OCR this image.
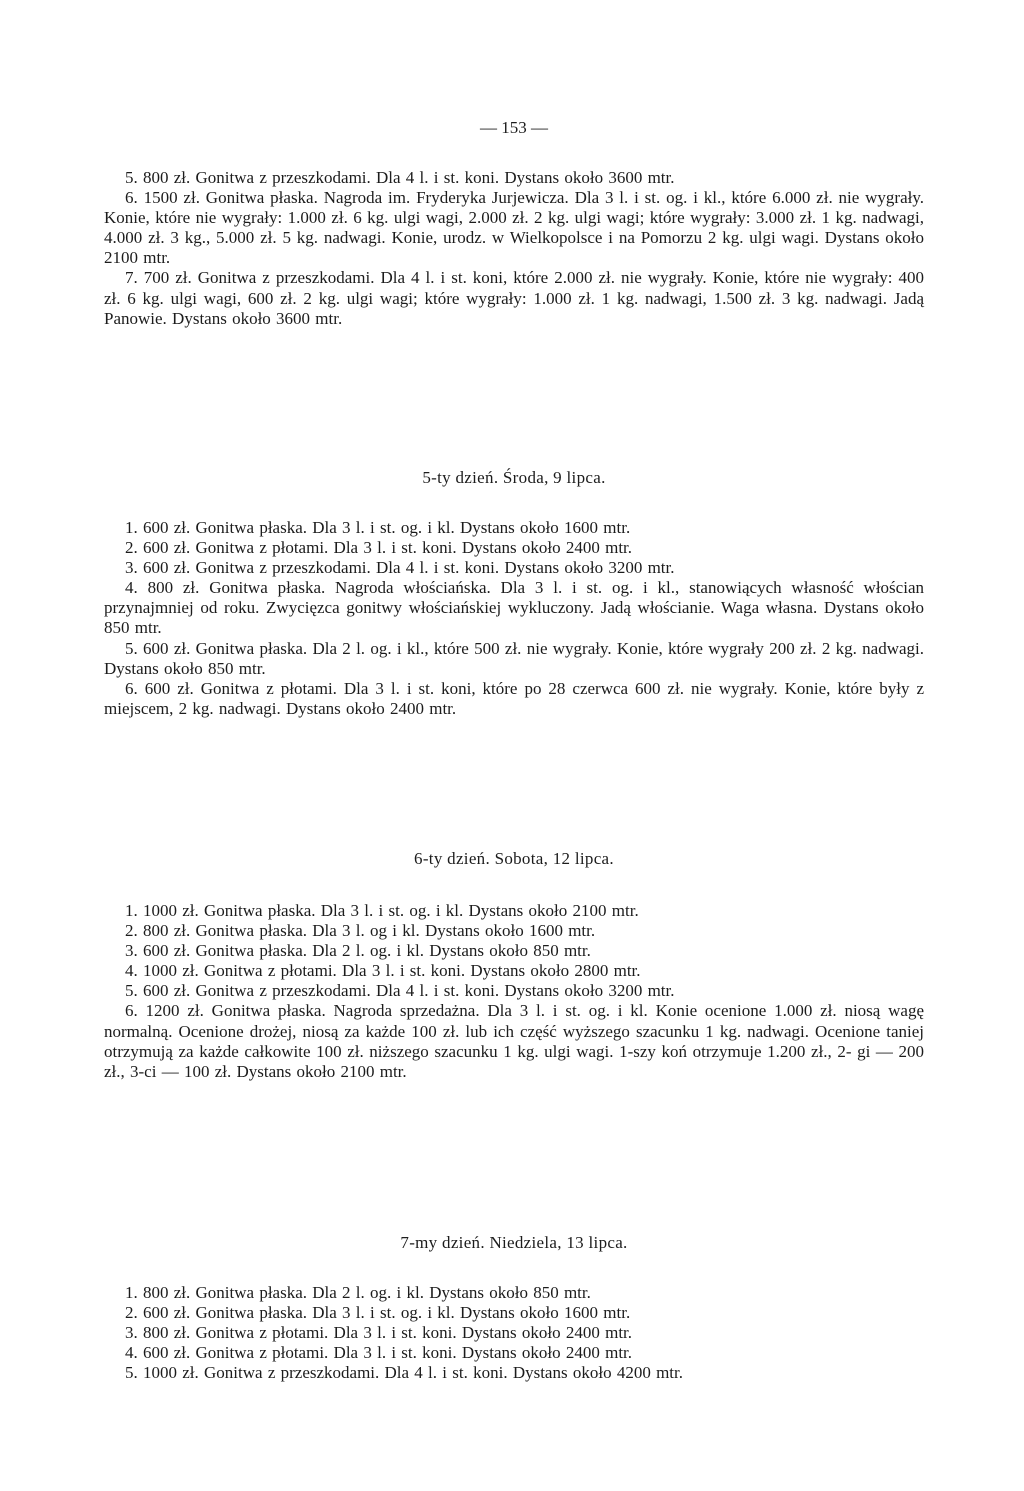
— 153 —

5. 800 zł. Gonitwa z przeszkodami. Dla 4 l. i st. koni. Dystans około 3600 mtr.

6. 1500 zł. Gonitwa płaska. Nagroda im. Fryderyka Jurjewicza. Dla 3 l. i st. og. i kl., które 6.000 zł. nie wygrały. Konie, które nie wygrały: 1.000 zł. 6 kg. ulgi wagi, 2.000 zł. 2 kg. ulgi wagi; które wygrały: 3.000 zł. 1 kg. nadwagi, 4.000 zł. 3 kg., 5.000 zł. 5 kg. nadwagi. Konie, urodz. w Wielkopolsce i na Pomorzu 2 kg. ulgi wagi. Dystans około 2100 mtr.

7. 700 zł. Gonitwa z przeszkodami. Dla 4 l. i st. koni, które 2.000 zł. nie wygrały. Konie, które nie wygrały: 400 zł. 6 kg. ulgi wagi, 600 zł. 2 kg. ulgi wagi; które wygrały: 1.000 zł. 1 kg. nadwagi, 1.500 zł. 3 kg. nadwagi. Jadą Panowie. Dystans około 3600 mtr.

5-ty dzień. Środa, 9 lipca.

1. 600 zł. Gonitwa płaska. Dla 3 l. i st. og. i kl. Dystans około 1600 mtr.

2. 600 zł. Gonitwa z płotami. Dla 3 l. i st. koni. Dystans około 2400 mtr.

3. 600 zł. Gonitwa z przeszkodami. Dla 4 l. i st. koni. Dystans około 3200 mtr.

4. 800 zł. Gonitwa płaska. Nagroda włościańska. Dla 3 l. i st. og. i kl., stanowiących własność włościan przynajmniej od roku. Zwycięzca gonitwy włościańskiej wykluczony. Jadą włościanie. Waga własna. Dystans około 850 mtr.

5. 600 zł. Gonitwa płaska. Dla 2 l. og. i kl., które 500 zł. nie wygrały. Konie, które wygrały 200 zł. 2 kg. nadwagi. Dystans około 850 mtr.

6. 600 zł. Gonitwa z płotami. Dla 3 l. i st. koni, które po 28 czerwca 600 zł. nie wygrały. Konie, które były z miejscem, 2 kg. nadwagi. Dystans około 2400 mtr.

6-ty dzień. Sobota, 12 lipca.

1. 1000 zł. Gonitwa płaska. Dla 3 l. i st. og. i kl. Dystans około 2100 mtr.

2. 800 zł. Gonitwa płaska. Dla 3 l. og i kl. Dystans około 1600 mtr.

3. 600 zł. Gonitwa płaska. Dla 2 l. og. i kl. Dystans około 850 mtr.

4. 1000 zł. Gonitwa z płotami. Dla 3 l. i st. koni. Dystans około 2800 mtr.

5. 600 zł. Gonitwa z przeszkodami. Dla 4 l. i st. koni. Dystans około 3200 mtr.

6. 1200 zł. Gonitwa płaska. Nagroda sprzedażna. Dla 3 l. i st. og. i kl. Konie ocenione 1.000 zł. niosą wagę normalną. Ocenione drożej, niosą za każde 100 zł. lub ich część wyższego szacunku 1 kg. nadwagi. Ocenione taniej otrzymują za każde całkowite 100 zł. niższego szacunku 1 kg. ulgi wagi. 1-szy koń otrzymuje 1.200 zł., 2- gi — 200 zł., 3-ci — 100 zł. Dystans około 2100 mtr.

7-my dzień. Niedziela, 13 lipca.

1. 800 zł. Gonitwa płaska. Dla 2 l. og. i kl. Dystans około 850 mtr.

2. 600 zł. Gonitwa płaska. Dla 3 l. i st. og. i kl. Dystans około 1600 mtr.

3. 800 zł. Gonitwa z płotami. Dla 3 l. i st. koni. Dystans około 2400 mtr.

4. 600 zł. Gonitwa z płotami. Dla 3 l. i st. koni. Dystans około 2400 mtr.

5. 1000 zł. Gonitwa z przeszkodami. Dla 4 l. i st. koni. Dystans około 4200 mtr.
